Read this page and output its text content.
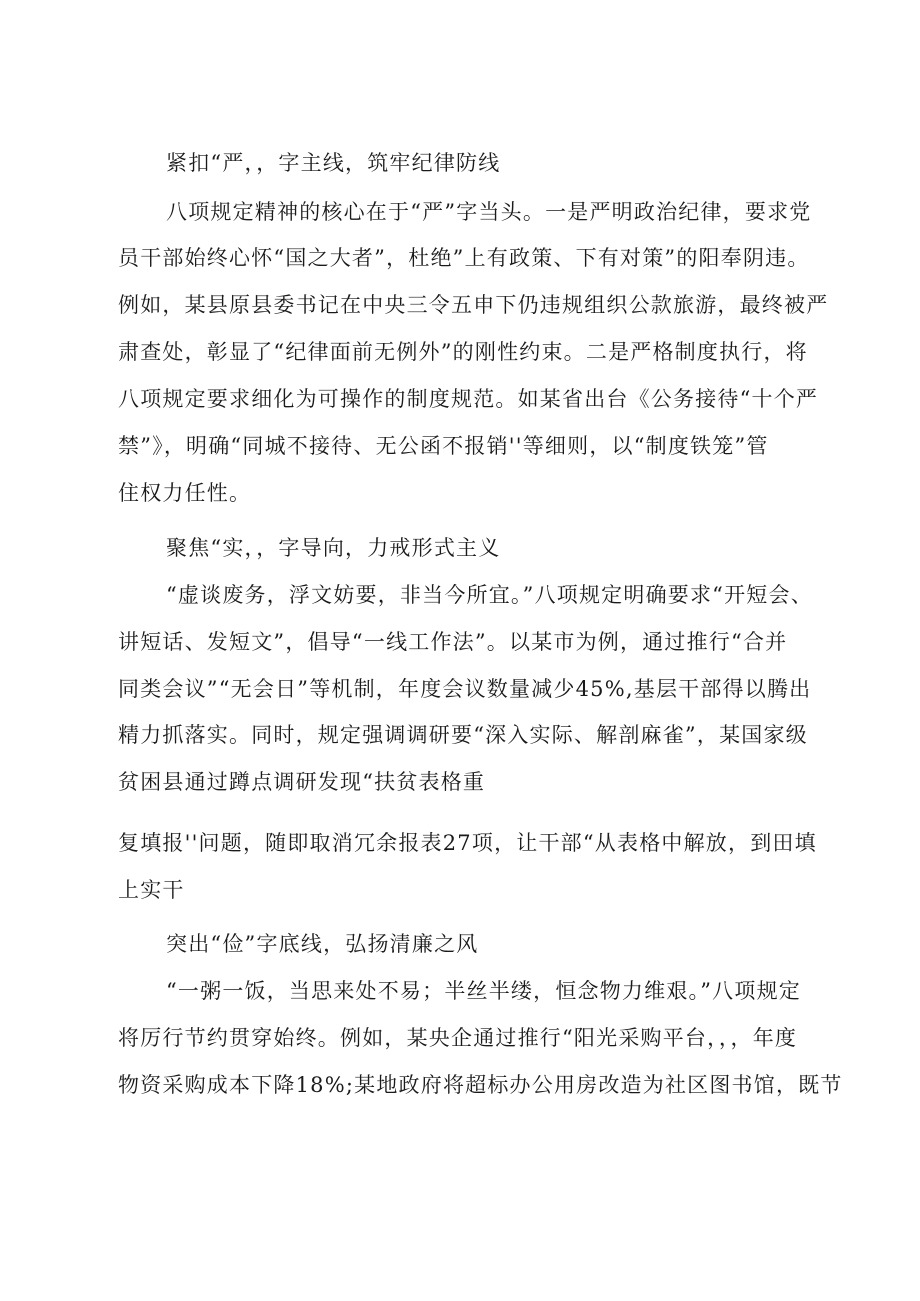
紧扣“严，，字主线，筑牢纪律防线
八项规定精神的核心在于“严”字当头。一是严明政治纪律，要求党
员干部始终心怀“国之大者”，杜绝”上有政策、下有对策”的阳奉阴违。
例如，某县原县委书记在中央三令五申下仍违规组织公款旅游，最终被严
肃查处，彰显了“纪律面前无例外”的刚性约束。二是严格制度执行，将
八项规定要求细化为可操作的制度规范。如某省出台《公务接待“十个严
禁”》，明确“同城不接待、无公函不报销''等细则，以“制度铁笼”管
住权力任性。
聚焦“实，，字导向，力戒形式主义
“虚谈废务，浮文妨要，非当今所宜。”八项规定明确要求“开短会、
讲短话、发短文”，倡导“一线工作法”。以某市为例，通过推行“合并
同类会议”“无会日”等机制，年度会议数量减少45%,基层干部得以腾出
精力抓落实。同时，规定强调调研要“深入实际、解剖麻雀”，某国家级
贫困县通过蹲点调研发现“扶贫表格重
复填报''问题，随即取消冗余报表27项，让干部“从表格中解放，到田填
上实干
突出“俭”字底线，弘扬清廉之风
“一粥一饭，当思来处不易；半丝半缕，恒念物力维艰。”八项规定
将厉行节约贯穿始终。例如，某央企通过推行“阳光采购平台，，，年度
物资采购成本下降18%;某地政府将超标办公用房改造为社区图书馆，既节
